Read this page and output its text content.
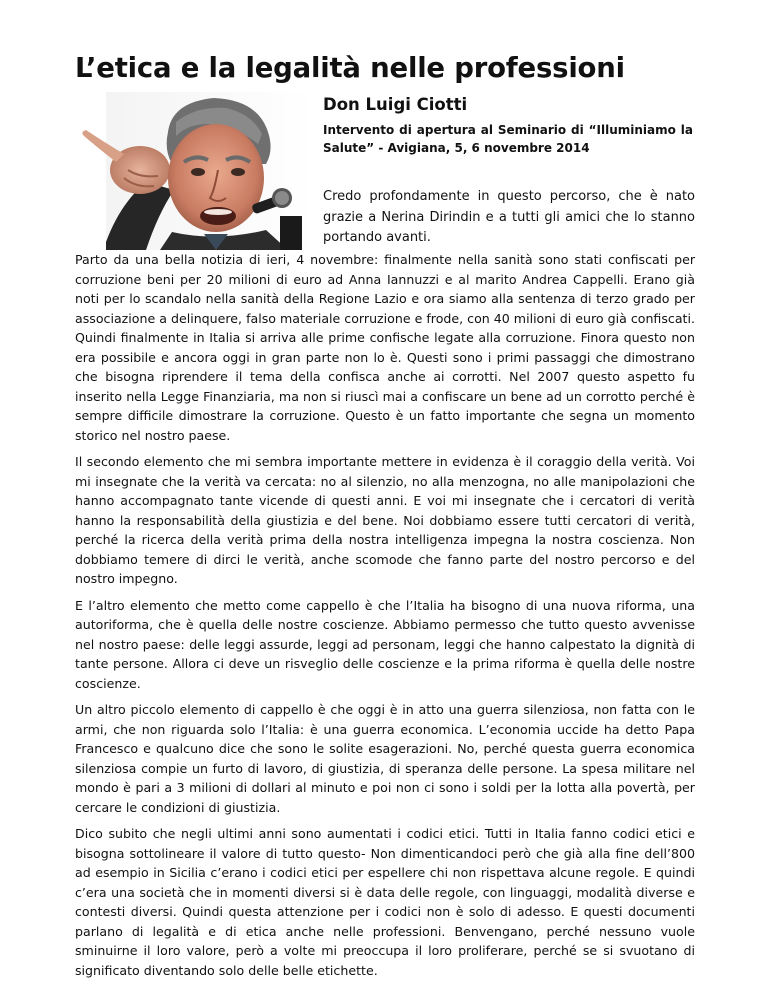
L’etica e la legalità nelle professioni
Don Luigi Ciotti

Intervento di apertura al Seminario di “Illuminiamo la Salute” - Avigiana, 5, 6 novembre 2014

Credo profondamente in questo percorso, che è nato grazie a Nerina Dirindin e a tutti gli amici che lo stanno portando avanti.

Parto da una bella notizia di ieri, 4 novembre: finalmente nella sanità sono stati confiscati per corruzione beni per 20 milioni di euro ad Anna Iannuzzi e al marito Andrea Cappelli. Erano già noti per lo scandalo nella sanità della Regione Lazio e ora siamo alla sentenza di terzo grado per associazione a delinquere, falso materiale corruzione e frode, con 40 milioni di euro già confiscati. Quindi finalmente in Italia si arriva alle prime confische legate alla corruzione. Finora questo non era possibile e ancora oggi in gran parte non lo è. Questi sono i primi passaggi che dimostrano che bisogna riprendere il tema della confisca anche ai corrotti. Nel 2007 questo aspetto fu inserito nella Legge Finanziaria, ma non si riuscì mai a confiscare un bene ad un corrotto perché è sempre difficile dimostrare la corruzione. Questo è un fatto importante che segna un momento storico nel nostro paese.

Il secondo elemento che mi sembra importante mettere in evidenza è il coraggio della verità. Voi mi insegnate che la verità va cercata: no al silenzio, no alla menzogna, no alle manipolazioni che hanno accompagnato tante vicende di questi anni. E voi mi insegnate che i cercatori di verità hanno la responsabilità della giustizia e del bene. Noi dobbiamo essere tutti cercatori di verità, perché la ricerca della verità prima della nostra intelligenza impegna la nostra coscienza. Non dobbiamo temere di dirci le verità, anche scomode che fanno parte del nostro percorso e del nostro impegno.

E l’altro elemento che metto come cappello è che l’Italia ha bisogno di una nuova riforma, una autoriforma, che è quella delle nostre coscienze. Abbiamo permesso che tutto questo avvenisse nel nostro paese: delle leggi assurde, leggi ad personam, leggi che hanno calpestato la dignità di tante persone. Allora ci deve un risveglio delle coscienze e la prima riforma è quella delle nostre coscienze.

Un altro piccolo elemento di cappello è che oggi è in atto una guerra silenziosa, non fatta con le armi, che non riguarda solo l’Italia: è una guerra economica. L’economia uccide ha detto Papa Francesco e qualcuno dice che sono le solite esagerazioni. No, perché questa guerra economica silenziosa compie un furto di lavoro, di giustizia, di speranza delle persone. La spesa militare nel mondo è pari a 3 milioni di dollari al minuto e poi non ci sono i soldi per la lotta alla povertà, per cercare le condizioni di giustizia.

Dico subito che negli ultimi anni sono aumentati i codici etici. Tutti in Italia fanno codici etici e bisogna sottolineare il valore di tutto questo- Non dimenticandoci però che già alla fine dell’800 ad esempio in Sicilia c’erano i codici etici per espellere chi non rispettava alcune regole. E quindi c’era una società che in momenti diversi si è data delle regole, con linguaggi, modalità diverse e contesti diversi. Quindi questa attenzione per i codici non è solo di adesso. E questi documenti parlano di legalità e di etica anche nelle professioni. Benvengano, perché nessuno vuole sminuirne il loro valore, però a volte mi preoccupa il loro proliferare, perché se si svuotano di significato diventando solo delle belle etichette.
